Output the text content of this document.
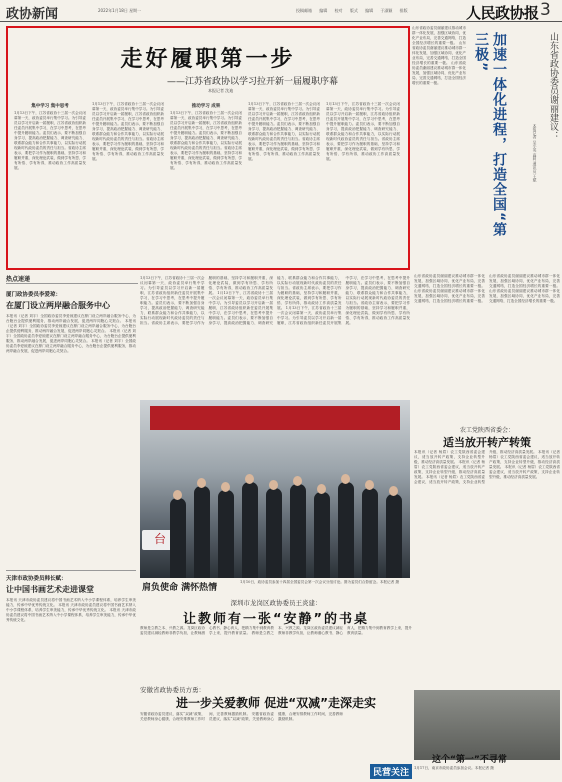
政协新闻	2022年1月18日 星期一	投稿邮箱 编辑 校对 版式 编辑 于淑颖 排版	人民政协报 3
走好履职第一步
——江苏省政协以学习拉开新一届履职序幕
本报记者 沈迪
集中学习 集中思考
1月13日下午，江苏省政协十三届一次会议闭幕第一天，政协委员举行集中学习。为引导委员以学习开启新一届履职，江苏省政协组织新任委员开展集中学习，在学习中思考，在思考中提升履职能力。委员们表示，要不断加强自身学习，提高政治把握能力、调查研究能力、联系群众能力和合作共事能力，以实际行动展现新时代政协委员的责任与担当。省政协主席表示，要把学习作为履职的基础，坚持学习和履职并重，深化理论武装，做到学有所思、学有所悟、学有所得，推动政协工作高质量发展。
1月13日下午，江苏省政协十三届一次会议闭幕第一天，政协委员举行集中学习。为引导委员以学习开启新一届履职，江苏省政协组织新任委员开展集中学习，在学习中思考，在思考中提升履职能力。委员们表示，要不断加强自身学习，提高政治把握能力、调查研究能力、联系群众能力和合作共事能力，以实际行动展现新时代政协委员的责任与担当。省政协主席表示，要把学习作为履职的基础，坚持学习和履职并重，深化理论武装，做到学有所思、学有所悟、学有所得，推动政协工作高质量发展。
推动学习 成果
1月13日下午，江苏省政协十三届一次会议闭幕第一天，政协委员举行集中学习。为引导委员以学习开启新一届履职，江苏省政协组织新任委员开展集中学习，在学习中思考，在思考中提升履职能力。委员们表示，要不断加强自身学习，提高政治把握能力、调查研究能力、联系群众能力和合作共事能力，以实际行动展现新时代政协委员的责任与担当。省政协主席表示，要把学习作为履职的基础，坚持学习和履职并重，深化理论武装，做到学有所思、学有所悟、学有所得，推动政协工作高质量发展。
1月13日下午，江苏省政协十三届一次会议闭幕第一天，政协委员举行集中学习。为引导委员以学习开启新一届履职，江苏省政协组织新任委员开展集中学习，在学习中思考，在思考中提升履职能力。委员们表示，要不断加强自身学习，提高政治把握能力、调查研究能力、联系群众能力和合作共事能力，以实际行动展现新时代政协委员的责任与担当。省政协主席表示，要把学习作为履职的基础，坚持学习和履职并重，深化理论武装，做到学有所思、学有所悟、学有所得，推动政协工作高质量发展。
1月13日下午，江苏省政协十三届一次会议闭幕第一天，政协委员举行集中学习。为引导委员以学习开启新一届履职，江苏省政协组织新任委员开展集中学习，在学习中思考，在思考中提升履职能力。委员们表示，要不断加强自身学习，提高政治把握能力、调查研究能力、联系群众能力和合作共事能力，以实际行动展现新时代政协委员的责任与担当。省政协主席表示，要把学习作为履职的基础，坚持学习和履职并重，深化理论武装，做到学有所思、学有所悟、学有所得，推动政协工作高质量发展。
山东省政协委员谢丽建议推动城市群一体化发展，加强区域协同，优化产业布局，完善交通网络，打造全国经济增长的重要一极。 山东省政协委员谢丽建议推动城市群一体化发展，加强区域协同，优化产业布局，完善交通网络，打造全国经济增长的重要一极。 山东省政协委员谢丽建议推动城市群一体化发展，加强区域协同，优化产业布局，完善交通网络，打造全国经济增长的重要一极。	加速一体化进程，打造全国“第三极”
本报记者 吴小英 高莉 通讯员 王斌
山东省政协委员谢丽建议：
热点速递
厦门政协委员李爱琼：
在厦门设立两岸融合服务中心
本报讯（记者 刘宇）全国政协委员李爱琼建议在厦门设立两岸融合服务中心，为台胞台企提供便利服务，推动两岸融合发展，促进两岸同胞心灵契合。 本报讯（记者 刘宇）全国政协委员李爱琼建议在厦门设立两岸融合服务中心，为台胞台企提供便利服务，推动两岸融合发展，促进两岸同胞心灵契合。 本报讯（记者 刘宇）全国政协委员李爱琼建议在厦门设立两岸融合服务中心，为台胞台企提供便利服务，推动两岸融合发展，促进两岸同胞心灵契合。 本报讯（记者 刘宇）全国政协委员李爱琼建议在厦门设立两岸融合服务中心，为台胞台企提供便利服务，推动两岸融合发展，促进两岸同胞心灵契合。
天津市政协委员韩长赋：
让中国书画艺术走进课堂
本报讯 天津市政协委员建议将中国书画艺术纳入中小学课程体系，培养学生审美能力，传承中华优秀传统文化。 本报讯 天津市政协委员建议将中国书画艺术纳入中小学课程体系，培养学生审美能力，传承中华优秀传统文化。 本报讯 天津市政协委员建议将中国书画艺术纳入中小学课程体系，培养学生审美能力，传承中华优秀传统文化。
1月13日下午，江苏省政协十三届一次会议闭幕第一天，政协委员举行集中学习。为引导委员以学习开启新一届履职，江苏省政协组织新任委员开展集中学习，在学习中思考，在思考中提升履职能力。委员们表示，要不断加强自身学习，提高政治把握能力、调查研究能力、联系群众能力和合作共事能力，以实际行动展现新时代政协委员的责任与担当。省政协主席表示，要把学习作为履职的基础，坚持学习和履职并重，深化理论武装，做到学有所思、学有所悟、学有所得，推动政协工作高质量发展。 1月13日下午，江苏省政协十三届一次会议闭幕第一天，政协委员举行集中学习。为引导委员以学习开启新一届履职，江苏省政协组织新任委员开展集中学习，在学习中思考，在思考中提升履职能力。委员们表示，要不断加强自身学习，提高政治把握能力、调查研究能力、联系群众能力和合作共事能力，以实际行动展现新时代政协委员的责任与担当。省政协主席表示，要把学习作为履职的基础，坚持学习和履职并重，深化理论武装，做到学有所思、学有所悟、学有所得，推动政协工作高质量发展。 1月13日下午，江苏省政协十三届一次会议闭幕第一天，政协委员举行集中学习。为引导委员以学习开启新一届履职，江苏省政协组织新任委员开展集中学习，在学习中思考，在思考中提升履职能力。委员们表示，要不断加强自身学习，提高政治把握能力、调查研究能力、联系群众能力和合作共事能力，以实际行动展现新时代政协委员的责任与担当。省政协主席表示，要把学习作为履职的基础，坚持学习和履职并重，深化理论武装，做到学有所思、学有所悟、学有所得，推动政协工作高质量发展。
台
肩负使命 满怀热情
1月10日，政协委员参加十四届全国委员会第一次会议分组讨论。图为委员们合影留念。本报记者 摄
山东省政协委员谢丽建议推动城市群一体化发展，加强区域协同，优化产业布局，完善交通网络，打造全国经济增长的重要一极。 山东省政协委员谢丽建议推动城市群一体化发展，加强区域协同，优化产业布局，完善交通网络，打造全国经济增长的重要一极。 山东省政协委员谢丽建议推动城市群一体化发展，加强区域协同，优化产业布局，完善交通网络，打造全国经济增长的重要一极。 山东省政协委员谢丽建议推动城市群一体化发展，加强区域协同，优化产业布局，完善交通网络，打造全国经济增长的重要一极。
农工党陕西省委会：
适当放开转产转策
本报讯（记者 杨眉）农工党陕西省委会建议，适当放开转产政策，支持企业转型升级，推动经济高质量发展。 本报讯（记者 杨眉）农工党陕西省委会建议，适当放开转产政策，支持企业转型升级，推动经济高质量发展。 本报讯（记者 杨眉）农工党陕西省委会建议，适当放开转产政策，支持企业转型升级，推动经济高质量发展。 本报讯（记者 杨眉）农工党陕西省委会建议，适当放开转产政策，支持企业转型升级，推动经济高质量发展。 本报讯（记者 杨眉）农工党陕西省委会建议，适当放开转产政策，支持企业转型升级，推动经济高质量发展。
深圳市龙岗区政协委员王炎建：
让教师有一张“安静”的书桌
教师是立教之本、兴教之源。龙岗区政协委员建议减轻教师非教学负担，让教师潜心教书、静心育人，把精力集中到教育教学上来，提升教育质量。 教师是立教之本、兴教之源。龙岗区政协委员建议减轻教师非教学负担，让教师潜心教书、静心育人，把精力集中到教育教学上来，提升教育质量。
安徽省政协委员方勇：
进一步关爱教师 促进“双减”走深走实
安徽省政协委员建议，落实“双减”政策，关爱教师身心健康，合理安排教师工作时间，完善教师激励机制。 安徽省政协委员建议，落实“双减”政策，关爱教师身心健康，合理安排教师工作时间，完善教师激励机制。
这个“第一”不寻常
1月17日，南京市政协委员参加会议。本报记者 摄
民营关注
